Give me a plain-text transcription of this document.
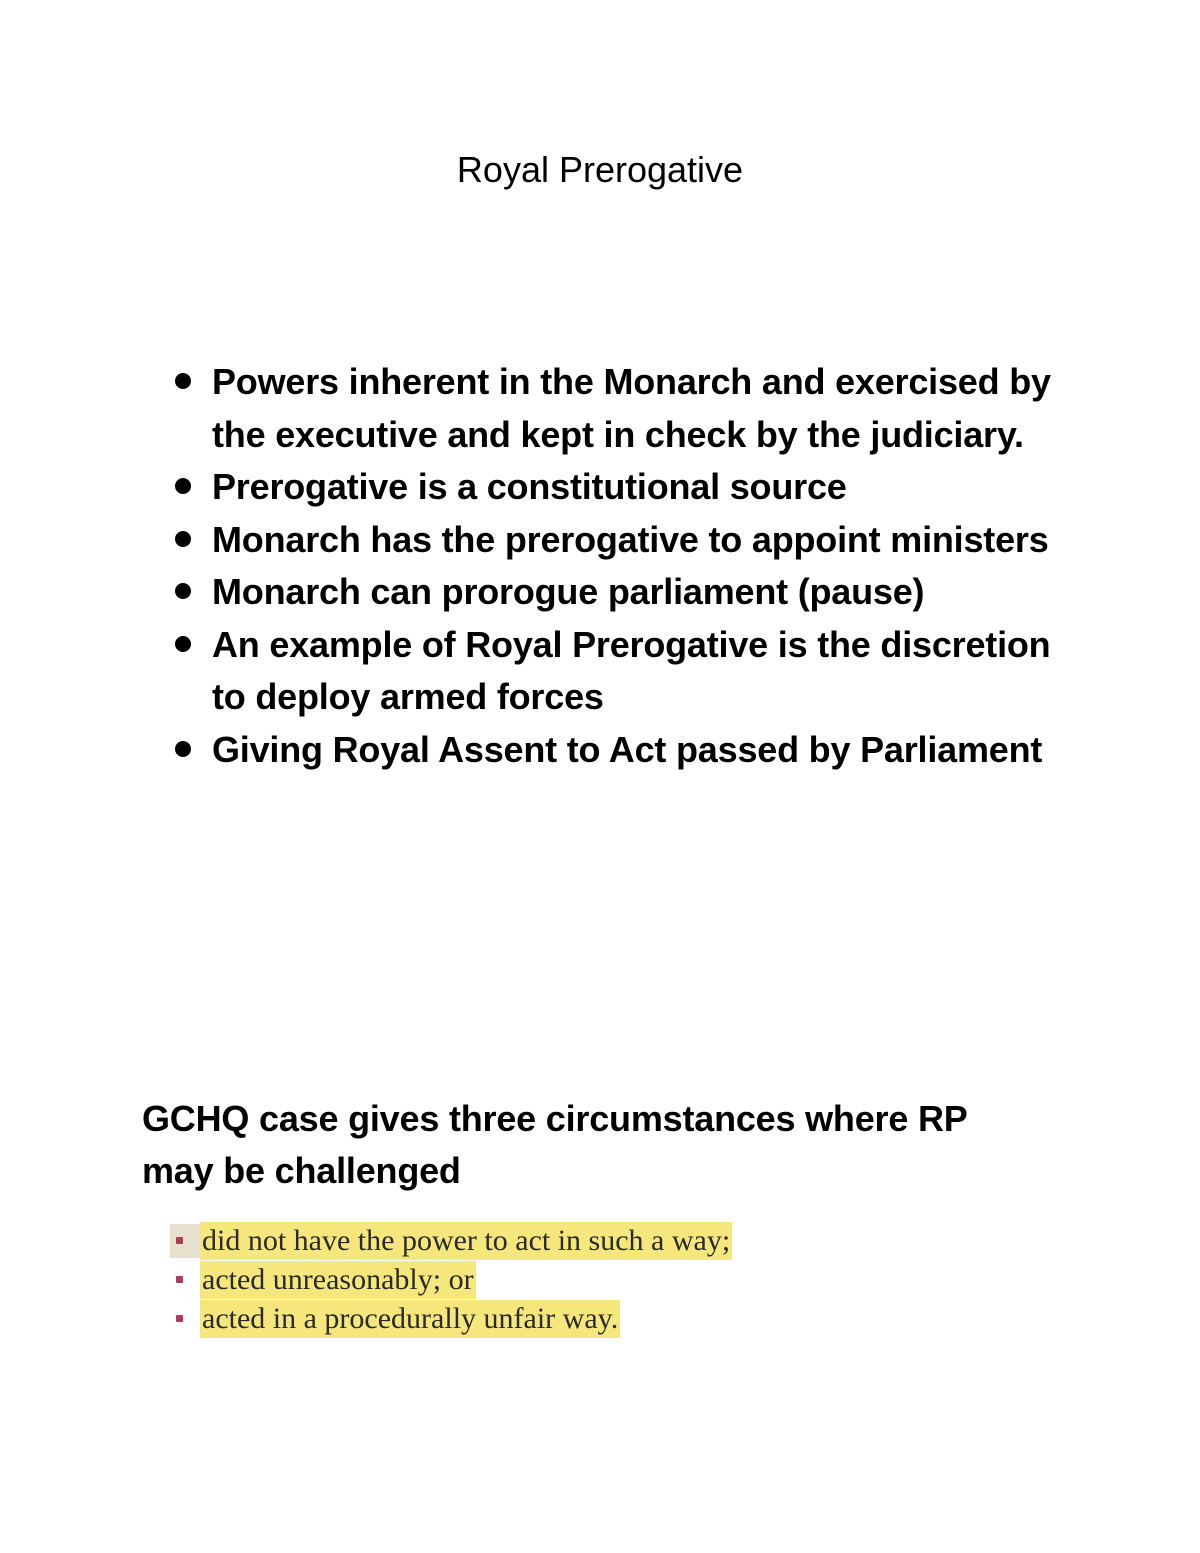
Royal Prerogative
Powers inherent in the Monarch and exercised by the executive and kept in check by the judiciary.
Prerogative is a constitutional source
Monarch has the prerogative to appoint ministers
Monarch can prorogue parliament (pause)
An example of Royal Prerogative is the discretion to deploy armed forces
Giving Royal Assent to Act passed by Parliament
GCHQ case gives three circumstances where RP may be challenged
did not have the power to act in such a way;
acted unreasonably; or
acted in a procedurally unfair way.
